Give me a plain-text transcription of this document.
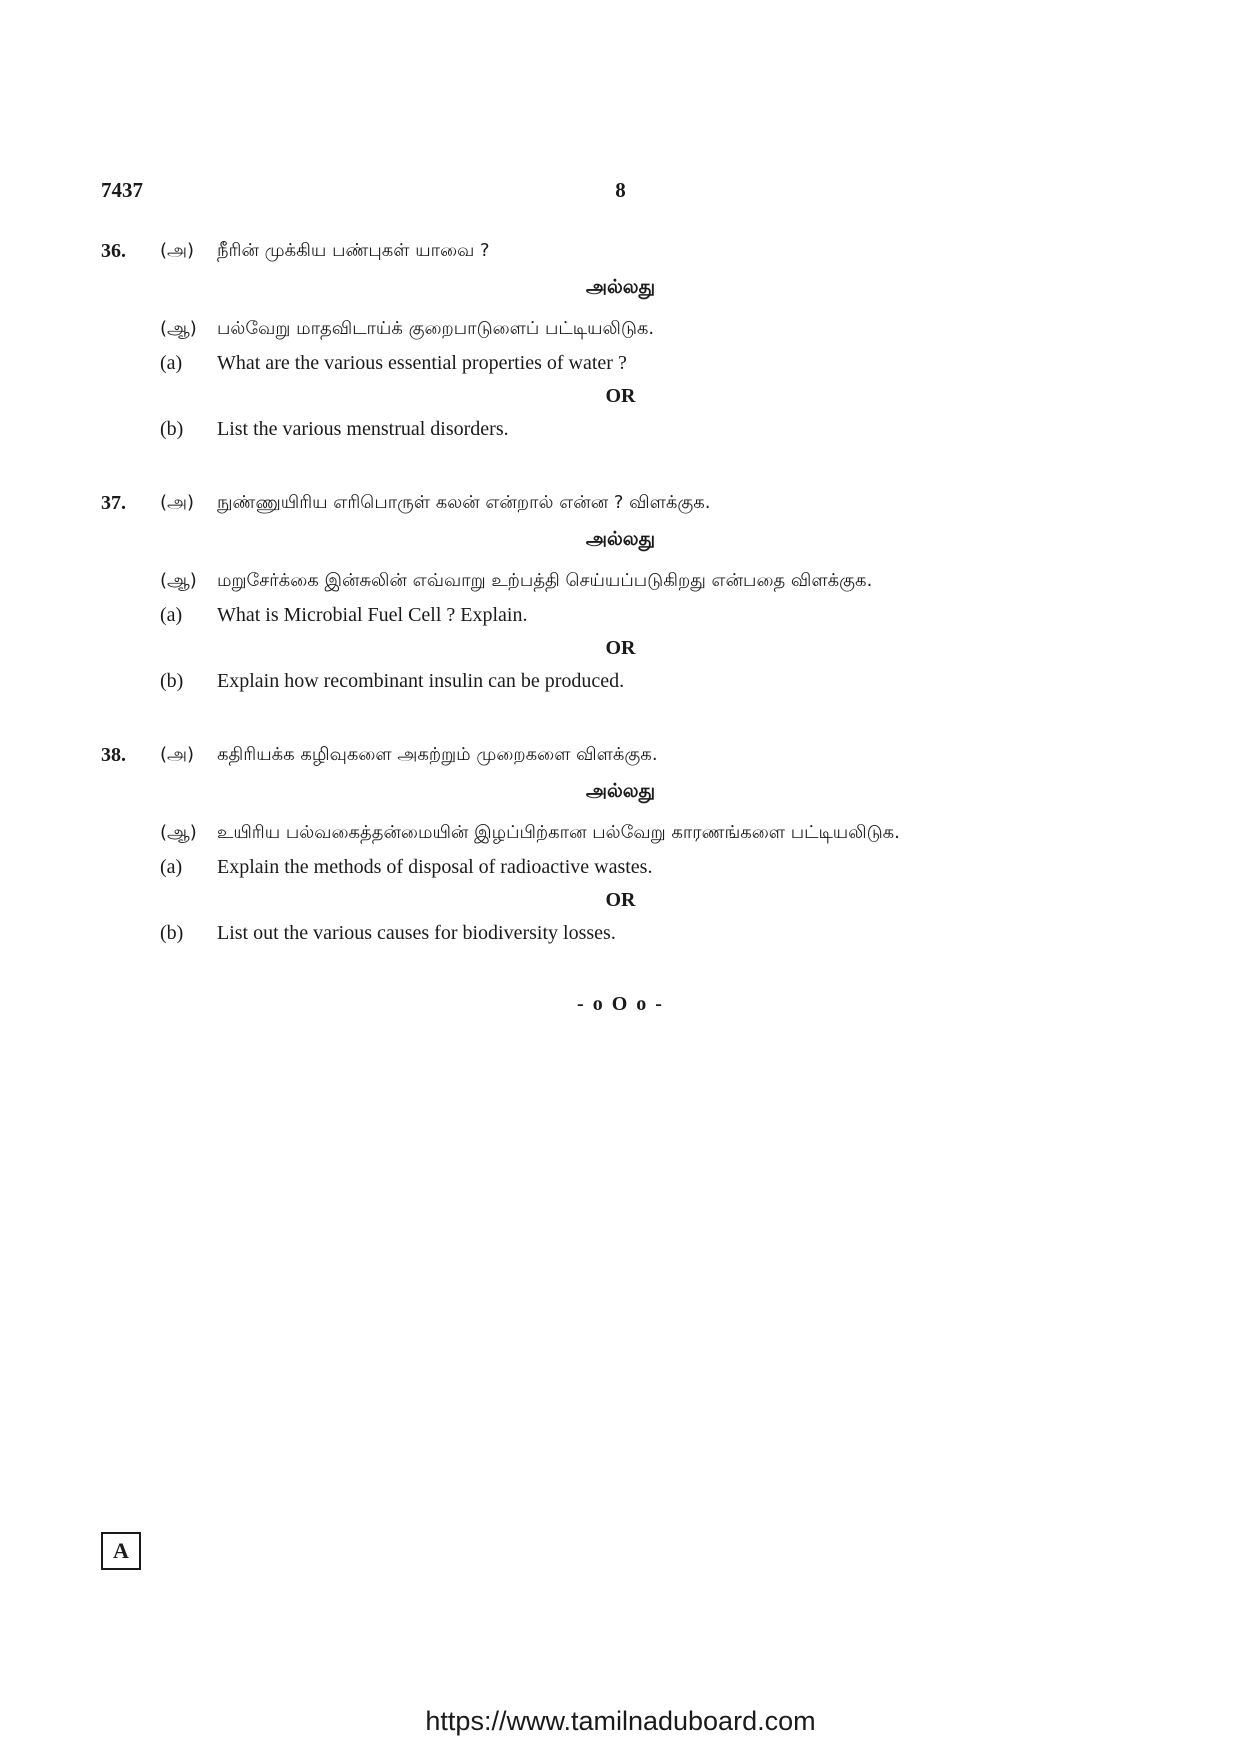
7437	8
36. (அ) நீரின் முக்கிய பண்புகள் யாவை ?
அல்லது
(ஆ) பல்வேறு மாதவிடாய்க் குறைபாடுளைப் பட்டியலிடுக.
(a) What are the various essential properties of water ?
OR
(b) List the various menstrual disorders.
37. (அ) நுண்ணுயிரிய எரிபொருள் கலன் என்றால் என்ன ? விளக்குக.
அல்லது
(ஆ) மறுசேர்க்கை இன்சுலின் எவ்வாறு உற்பத்தி செய்யப்படுகிறது என்பதை விளக்குக.
(a) What is Microbial Fuel Cell ? Explain.
OR
(b) Explain how recombinant insulin can be produced.
38. (அ) கதிரியக்க கழிவுகளை அகற்றும் முறைகளை விளக்குக.
அல்லது
(ஆ) உயிரிய பல்வகைத்தன்மையின் இழப்பிற்கான பல்வேறு காரணங்களை பட்டியலிடுக.
(a) Explain the methods of disposal of radioactive wastes.
OR
(b) List out the various causes for biodiversity losses.
- o O o -
A
https://www.tamilnaduboard.com
